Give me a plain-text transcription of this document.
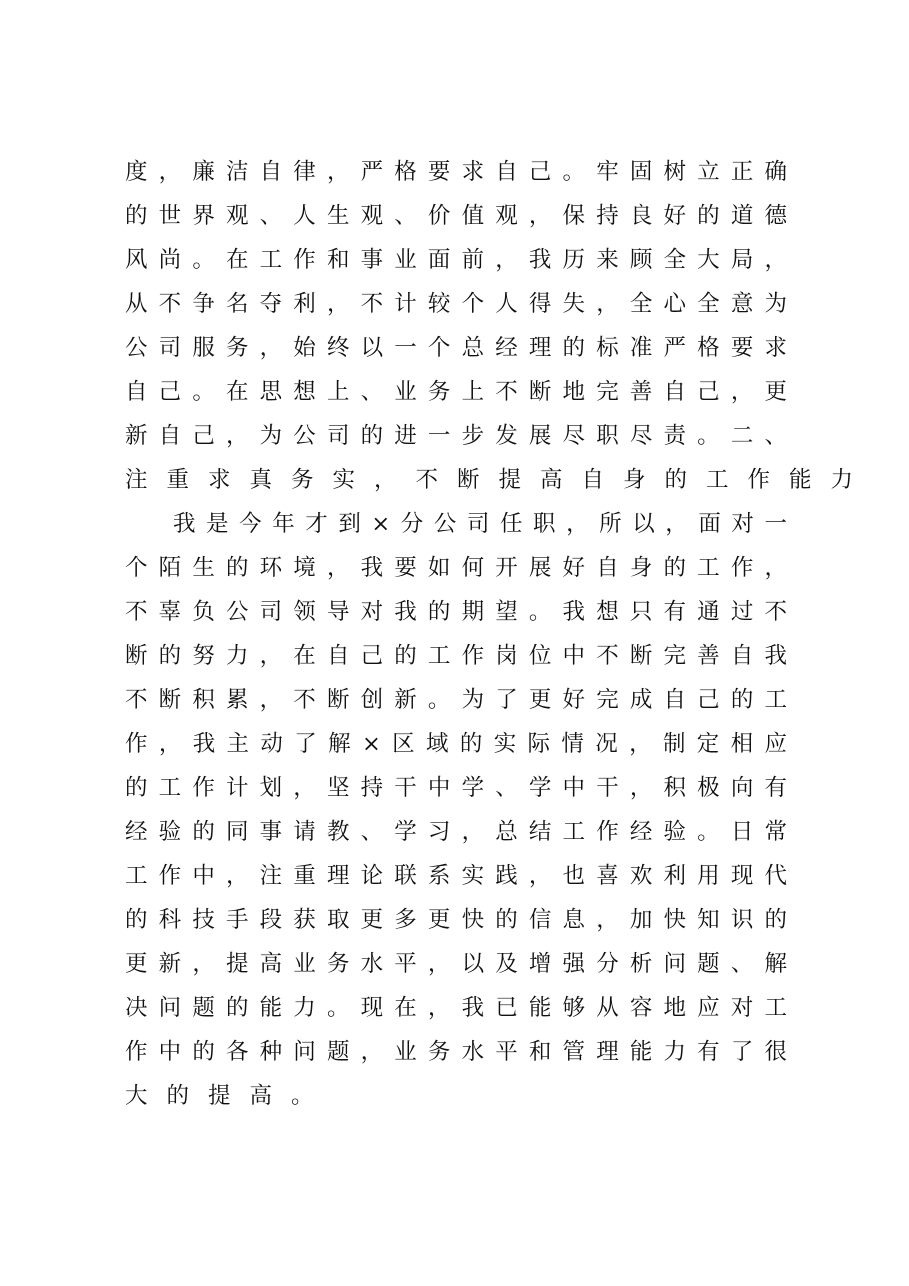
度，廉洁自律，严格要求自己。牢固树立正确
的世界观、人生观、价值观，保持良好的道德
风尚。在工作和事业面前，我历来顾全大局，
从不争名夺利，不计较个人得失，全心全意为
公司服务，始终以一个总经理的标准严格要求
自己。在思想上、业务上不断地完善自己，更
新自己，为公司的进一步发展尽职尽责。二、
注重求真务实，不断提高自身的工作能力
我是今年才到×分公司任职，所以，面对一
个陌生的环境，我要如何开展好自身的工作，
不辜负公司领导对我的期望。我想只有通过不
断的努力，在自己的工作岗位中不断完善自我
不断积累，不断创新。为了更好完成自己的工
作，我主动了解×区域的实际情况，制定相应
的工作计划，坚持干中学、学中干，积极向有
经验的同事请教、学习，总结工作经验。日常
工作中，注重理论联系实践，也喜欢利用现代
的科技手段获取更多更快的信息，加快知识的
更新，提高业务水平，以及增强分析问题、解
决问题的能力。现在，我已能够从容地应对工
作中的各种问题，业务水平和管理能力有了很
大的提高。
